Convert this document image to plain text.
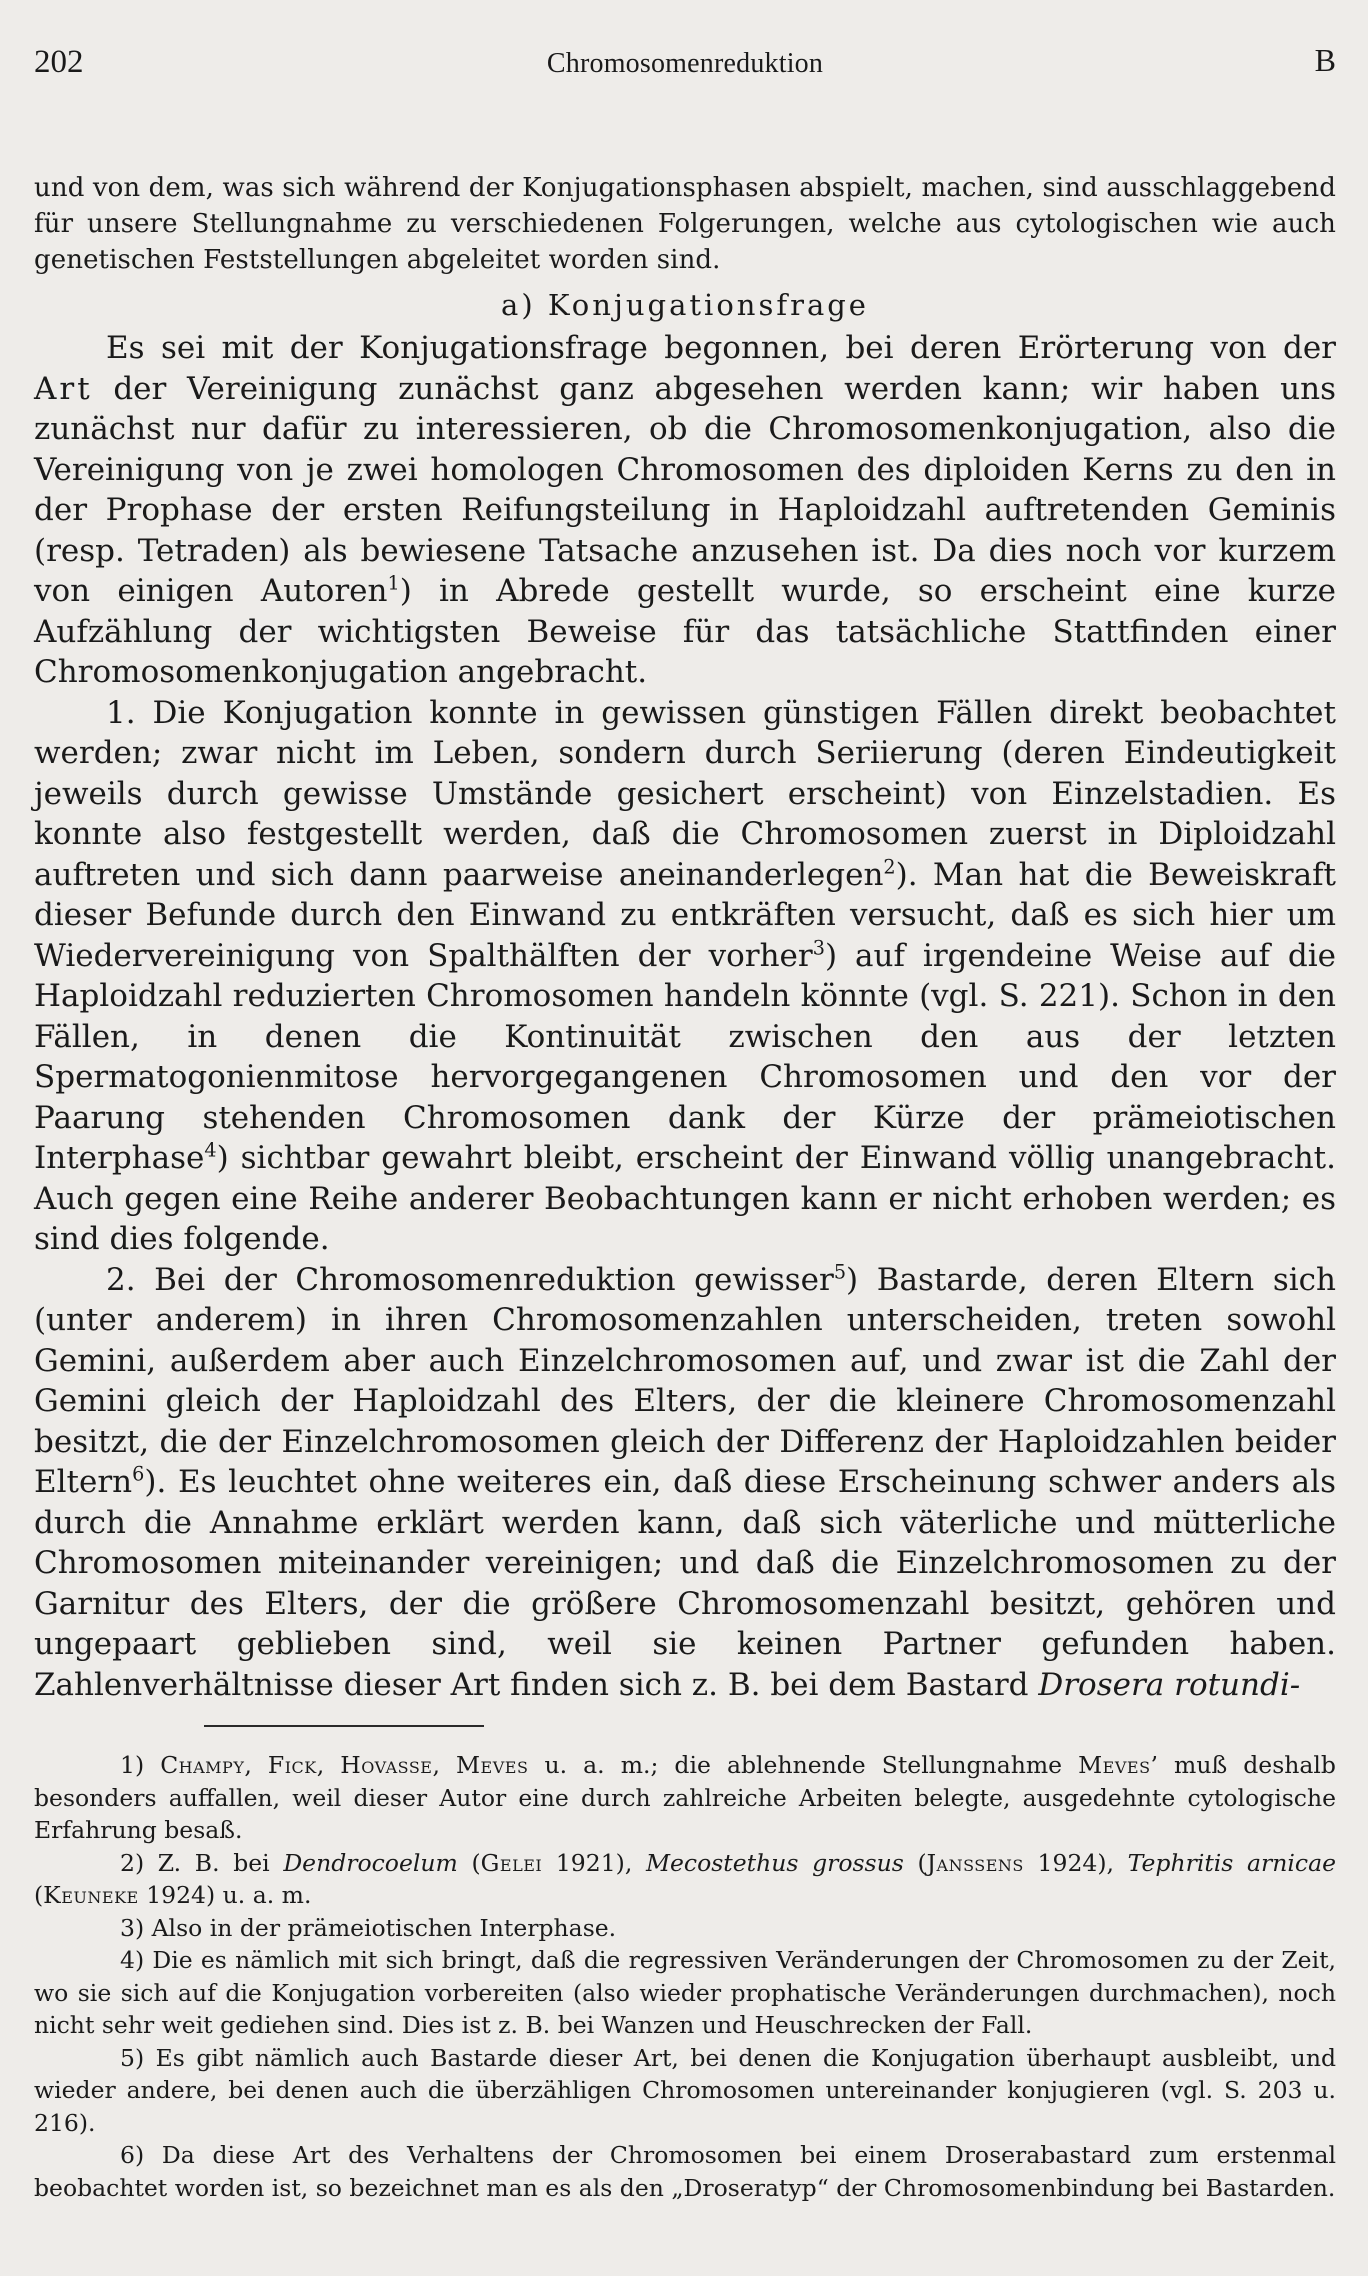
202	Chromosomenreduktion	B

und von dem, was sich während der Konjugationsphasen abspielt, machen, sind ausschlaggebend für unsere Stellungnahme zu verschiedenen Folgerungen, welche aus cytologischen wie auch genetischen Feststellungen abgeleitet worden sind.

a) Konjugationsfrage

Es sei mit der Konjugationsfrage begonnen, bei deren Erörterung von der Art der Vereinigung zunächst ganz abgesehen werden kann; wir haben uns zunächst nur dafür zu interessieren, ob die Chromosomenkonjugation, also die Vereinigung von je zwei homologen Chromosomen des diploiden Kerns zu den in der Prophase der ersten Reifungsteilung in Haploidzahl auftretenden Geminis (resp. Tetraden) als bewiesene Tatsache anzusehen ist. Da dies noch vor kurzem von einigen Autoren$^1$) in Abrede gestellt wurde, so erscheint eine kurze Aufzählung der wichtigsten Beweise für das tatsächliche Stattfinden einer Chromosomenkonjugation angebracht.

1. Die Konjugation konnte in gewissen günstigen Fällen direkt beobachtet werden; zwar nicht im Leben, sondern durch Seriierung (deren Eindeutigkeit jeweils durch gewisse Umstände gesichert erscheint) von Einzelstadien. Es konnte also festgestellt werden, daß die Chromosomen zuerst in Diploidzahl auftreten und sich dann paarweise aneinanderlegen$^2$). Man hat die Beweiskraft dieser Befunde durch den Einwand zu entkräften versucht, daß es sich hier um Wiedervereinigung von Spalthälften der vorher$^3$) auf irgendeine Weise auf die Haploidzahl reduzierten Chromosomen handeln könnte (vgl. S. 221). Schon in den Fällen, in denen die Kontinuität zwischen den aus der letzten Spermatogonienmitose hervorgegangenen Chromosomen und den vor der Paarung stehenden Chromosomen dank der Kürze der prämeiotischen Interphase$^4$) sichtbar gewahrt bleibt, erscheint der Einwand völlig unangebracht. Auch gegen eine Reihe anderer Beobachtungen kann er nicht erhoben werden; es sind dies folgende.

2. Bei der Chromosomenreduktion gewisser$^5$) Bastarde, deren Eltern sich (unter anderem) in ihren Chromosomenzahlen unterscheiden, treten sowohl Gemini, außerdem aber auch Einzelchromosomen auf, und zwar ist die Zahl der Gemini gleich der Haploidzahl des Elters, der die kleinere Chromosomenzahl besitzt, die der Einzelchromosomen gleich der Differenz der Haploidzahlen beider Eltern$^6$). Es leuchtet ohne weiteres ein, daß diese Erscheinung schwer anders als durch die Annahme erklärt werden kann, daß sich väterliche und mütterliche Chromosomen miteinander vereinigen; und daß die Einzelchromosomen zu der Garnitur des Elters, der die größere Chromosomenzahl besitzt, gehören und ungepaart geblieben sind, weil sie keinen Partner gefunden haben. Zahlenverhältnisse dieser Art finden sich z. B. bei dem Bastard Drosera rotundi-

1) Champy, Fick, Hovasse, Meves u. a. m.; die ablehnende Stellungnahme Meves’ muß deshalb besonders auffallen, weil dieser Autor eine durch zahlreiche Arbeiten belegte, ausgedehnte cytologische Erfahrung besaß.

2) Z. B. bei Dendrocoelum (Gelei 1921), Mecostethus grossus (Janssens 1924), Tephritis arnicae (Keuneke 1924) u. a. m.

3) Also in der prämeiotischen Interphase.

4) Die es nämlich mit sich bringt, daß die regressiven Veränderungen der Chromosomen zu der Zeit, wo sie sich auf die Konjugation vorbereiten (also wieder prophatische Veränderungen durchmachen), noch nicht sehr weit gediehen sind. Dies ist z. B. bei Wanzen und Heuschrecken der Fall.

5) Es gibt nämlich auch Bastarde dieser Art, bei denen die Konjugation überhaupt ausbleibt, und wieder andere, bei denen auch die überzähligen Chromosomen untereinander konjugieren (vgl. S. 203 u. 216).

6) Da diese Art des Verhaltens der Chromosomen bei einem Droserabastard zum erstenmal beobachtet worden ist, so bezeichnet man es als den „Droseratyp“ der Chromosomenbindung bei Bastarden.
